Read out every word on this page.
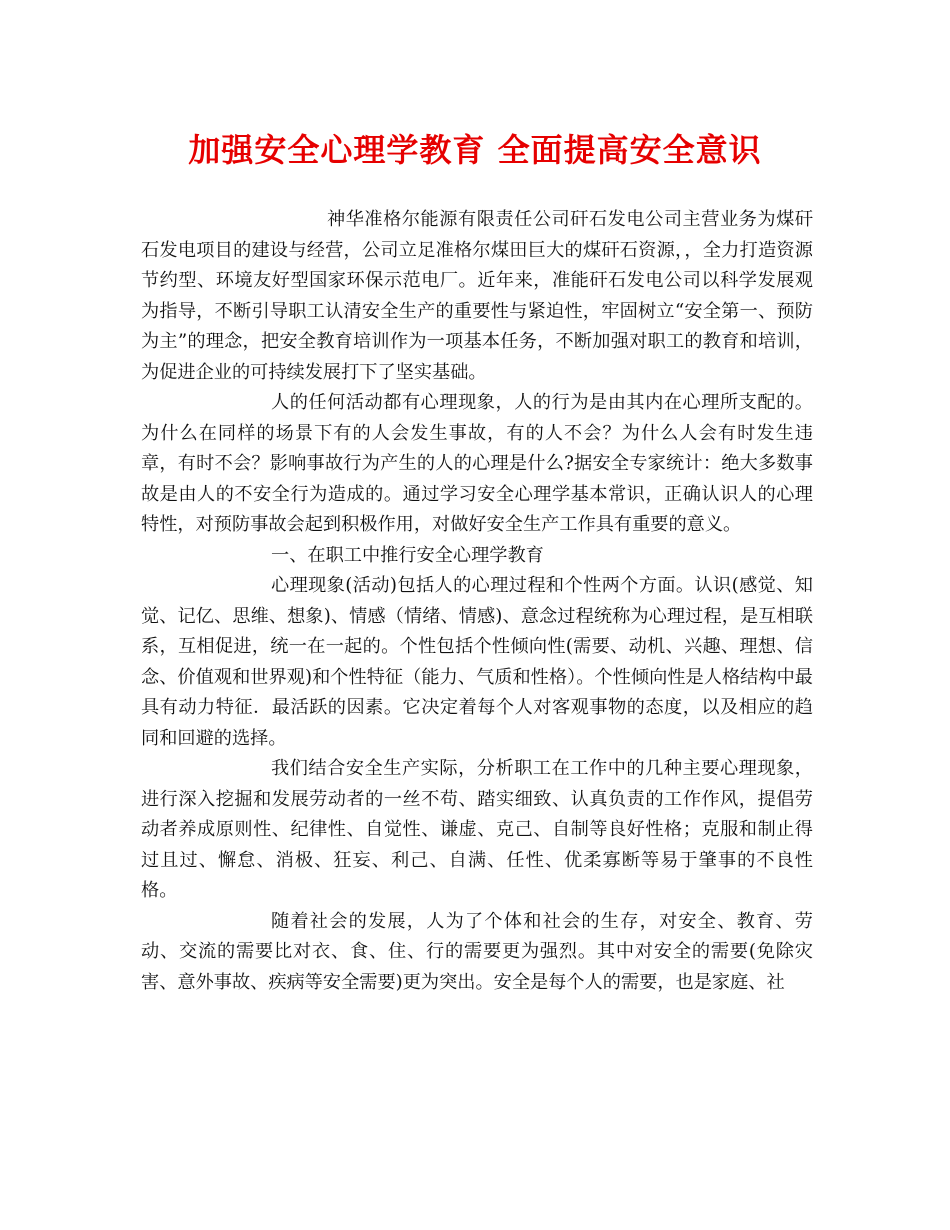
加强安全心理学教育 全面提高安全意识

神华准格尔能源有限责任公司矸石发电公司主营业务为煤矸石发电项目的建设与经营，公司立足准格尔煤田巨大的煤矸石资源，，全力打造资源节约型、环境友好型国家环保示范电厂。近年来，准能矸石发电公司以科学发展观为指导，不断引导职工认清安全生产的重要性与紧迫性，牢固树立“安全第一、预防为主”的理念，把安全教育培训作为一项基本任务，不断加强对职工的教育和培训，为促进企业的可持续发展打下了坚实基础。

人的任何活动都有心理现象，人的行为是由其内在心理所支配的。为什么在同样的场景下有的人会发生事故，有的人不会？为什么人会有时发生违章，有时不会？影响事故行为产生的人的心理是什么?据安全专家统计：绝大多数事故是由人的不安全行为造成的。通过学习安全心理学基本常识，正确认识人的心理特性，对预防事故会起到积极作用，对做好安全生产工作具有重要的意义。

一、在职工中推行安全心理学教育

心理现象(活动)包括人的心理过程和个性两个方面。认识(感觉、知觉、记亿、思维、想象)、情感（情绪、情感)、意念过程统称为心理过程，是互相联系，互相促进，统一在一起的。个性包括个性倾向性(需要、动机、兴趣、理想、信念、价值观和世界观)和个性特征（能力、气质和性格）。个性倾向性是人格结构中最具有动力特征．最活跃的因素。它决定着每个人对客观事物的态度，以及相应的趋同和回避的选择。

我们结合安全生产实际，分析职工在工作中的几种主要心理现象，进行深入挖掘和发展劳动者的一丝不苟、踏实细致、认真负责的工作作风，提倡劳动者养成原则性、纪律性、自觉性、谦虚、克己、自制等良好性格；克服和制止得过且过、懈怠、消极、狂妄、利己、自满、任性、优柔寡断等易于肇事的不良性格。

随着社会的发展，人为了个体和社会的生存，对安全、教育、劳动、交流的需要比对衣、食、住、行的需要更为强烈。其中对安全的需要(免除灾害、意外事故、疾病等安全需要)更为突出。安全是每个人的需要，也是家庭、社
